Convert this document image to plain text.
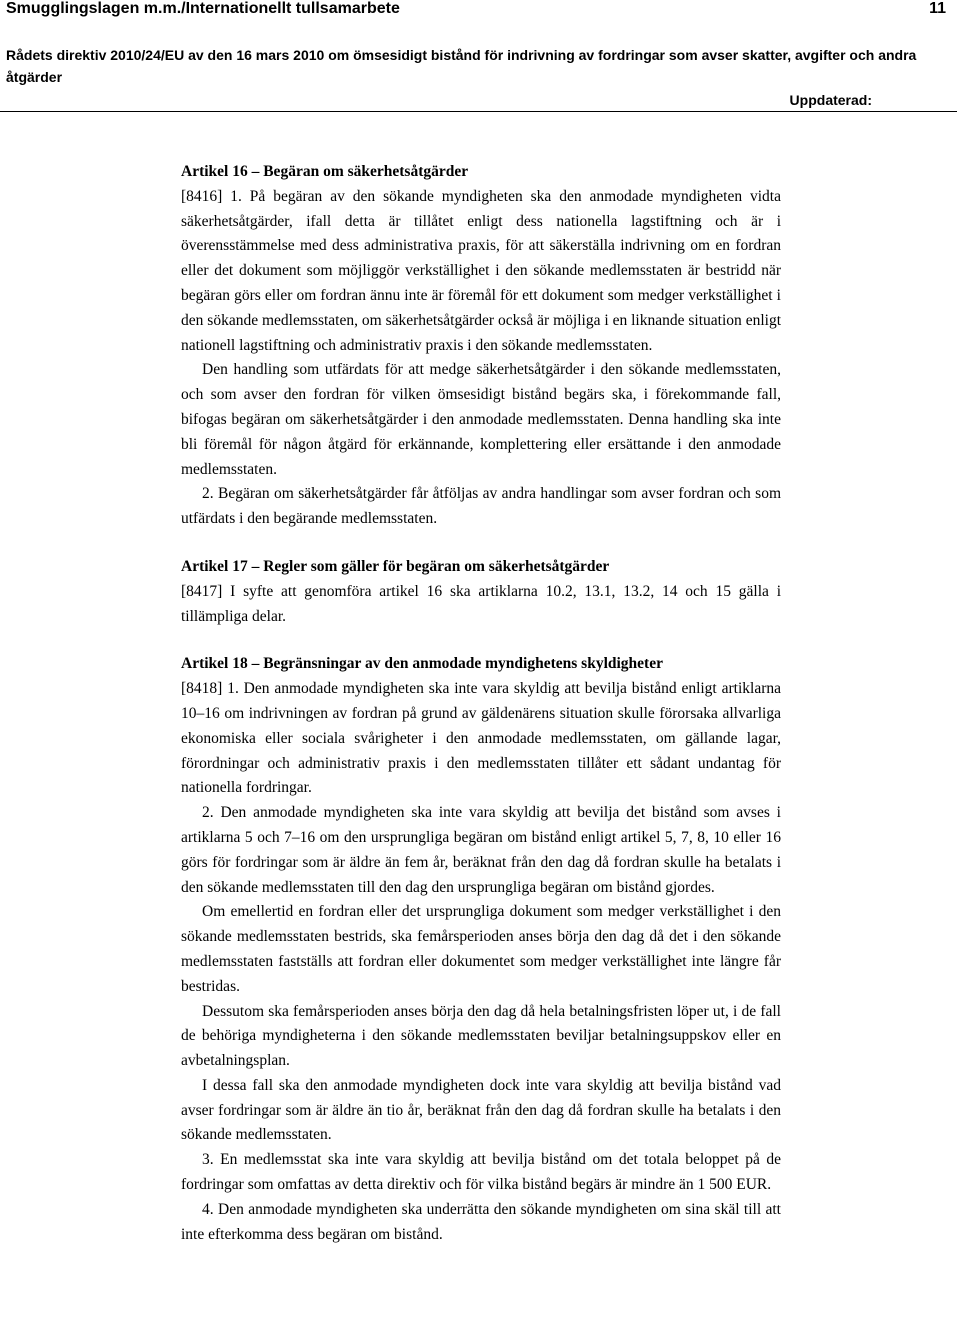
Smugglingslagen m.m./Internationellt tullsamarbete	11
Rådets direktiv 2010/24/EU av den 16 mars 2010 om ömsesidigt bistånd för indrivning av fordringar som avser skatter, avgifter och andra åtgärder
Uppdaterad:
Artikel 16 – Begäran om säkerhetsåtgärder

[8416] 1. På begäran av den sökande myndigheten ska den anmodade myndigheten vidta säkerhetsåtgärder, ifall detta är tillåtet enligt dess nationella lagstiftning och är i överensstämmelse med dess administrativa praxis, för att säkerställa indrivning om en fordran eller det dokument som möjliggör verkställighet i den sökande medlemsstaten är bestridd när begäran görs eller om fordran ännu inte är föremål för ett dokument som medger verkställighet i den sökande medlemsstaten, om säkerhetsåtgärder också är möjliga i en liknande situation enligt nationell lagstiftning och administrativ praxis i den sökande medlemsstaten.

Den handling som utfärdats för att medge säkerhetsåtgärder i den sökande medlemsstaten, och som avser den fordran för vilken ömsesidigt bistånd begärs ska, i förekommande fall, bifogas begäran om säkerhetsåtgärder i den anmodade medlemsstaten. Denna handling ska inte bli föremål för någon åtgärd för erkännande, komplettering eller ersättande i den anmodade medlemsstaten.

2. Begäran om säkerhetsåtgärder får åtföljas av andra handlingar som avser fordran och som utfärdats i den begärande medlemsstaten.

Artikel 17 – Regler som gäller för begäran om säkerhetsåtgärder

[8417] I syfte att genomföra artikel 16 ska artiklarna 10.2, 13.1, 13.2, 14 och 15 gälla i tillämpliga delar.

Artikel 18 – Begränsningar av den anmodade myndighetens skyldigheter

[8418] 1. Den anmodade myndigheten ska inte vara skyldig att bevilja bistånd enligt artiklarna 10–16 om indrivningen av fordran på grund av gäldenärens situation skulle förorsaka allvarliga ekonomiska eller sociala svårigheter i den anmodade medlemsstaten, om gällande lagar, förordningar och administrativ praxis i den medlemsstaten tillåter ett sådant undantag för nationella fordringar.

2. Den anmodade myndigheten ska inte vara skyldig att bevilja det bistånd som avses i artiklarna 5 och 7–16 om den ursprungliga begäran om bistånd enligt artikel 5, 7, 8, 10 eller 16 görs för fordringar som är äldre än fem år, beräknat från den dag då fordran skulle ha betalats i den sökande medlemsstaten till den dag den ursprungliga begäran om bistånd gjordes.

Om emellertid en fordran eller det ursprungliga dokument som medger verkställighet i den sökande medlemsstaten bestrids, ska femårsperioden anses börja den dag då det i den sökande medlemsstaten fastställs att fordran eller dokumentet som medger verkställighet inte längre får bestridas.

Dessutom ska femårsperioden anses börja den dag då hela betalningsfristen löper ut, i de fall de behöriga myndigheterna i den sökande medlemsstaten beviljar betalningsuppskov eller en avbetalningsplan.

I dessa fall ska den anmodade myndigheten dock inte vara skyldig att bevilja bistånd vad avser fordringar som är äldre än tio år, beräknat från den dag då fordran skulle ha betalats i den sökande medlemsstaten.

3. En medlemsstat ska inte vara skyldig att bevilja bistånd om det totala beloppet på de fordringar som omfattas av detta direktiv och för vilka bistånd begärs är mindre än 1 500 EUR.

4. Den anmodade myndigheten ska underrätta den sökande myndigheten om sina skäl till att inte efterkomma dess begäran om bistånd.
